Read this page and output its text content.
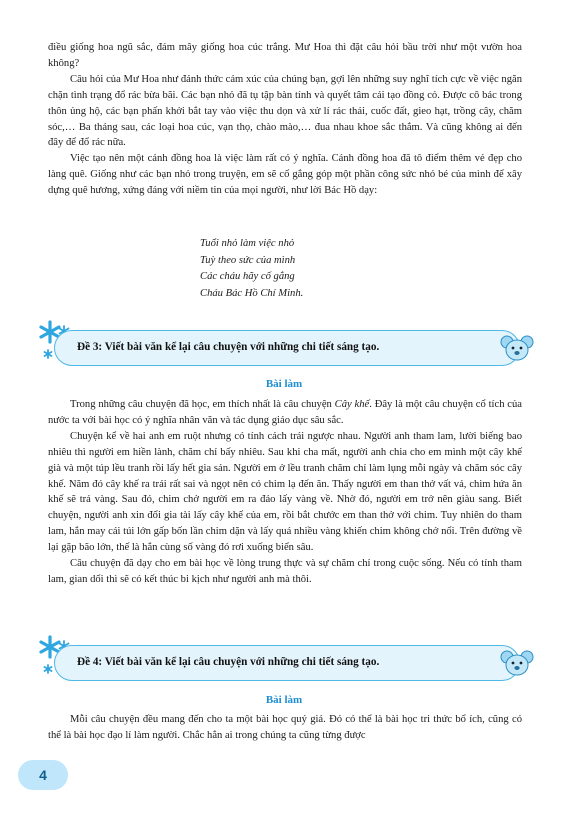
điều giống hoa ngũ sắc, đám mây giống hoa cúc trắng. Mư Hoa thì đặt câu hỏi bầu trời như một vườn hoa không?

Câu hỏi của Mư Hoa như đánh thức cảm xúc của chúng bạn, gợi lên những suy nghĩ tích cực về việc ngăn chặn tình trạng đổ rác bừa bãi. Các bạn nhỏ đã tụ tập bàn tính và quyết tâm cải tạo đồng cỏ. Được cô bác trong thôn ủng hộ, các bạn phấn khởi bắt tay vào việc thu dọn và xử lí rác thải, cuốc đất, gieo hạt, trồng cây, chăm sóc,… Ba tháng sau, các loại hoa cúc, vạn thọ, chào mào,… đua nhau khoe sắc thắm. Và cũng không ai đến đây để đổ rác nữa.

Việc tạo nên một cánh đồng hoa là việc làm rất có ý nghĩa. Cánh đồng hoa đã tô điểm thêm vẻ đẹp cho làng quê. Giống như các bạn nhỏ trong truyện, em sẽ cố gắng góp một phần công sức nhỏ bé của mình để xây dựng quê hương, xứng đáng với niềm tin của mọi người, như lời Bác Hồ dạy:

Tuổi nhỏ làm việc nhỏ
Tuỳ theo sức của mình
Các cháu hãy cố gắng
Cháu Bác Hồ Chí Minh.
Đề 3: Viết bài văn kể lại câu chuyện với những chi tiết sáng tạo.
Bài làm

Trong những câu chuyện đã học, em thích nhất là câu chuyện Cây khế. Đây là một câu chuyện cổ tích của nước ta với bài học có ý nghĩa nhân văn và tác dụng giáo dục sâu sắc.

Chuyện kể về hai anh em ruột nhưng có tính cách trái ngược nhau. Người anh tham lam, lười biếng bao nhiêu thì người em hiền lành, chăm chỉ bấy nhiêu. Sau khi cha mất, người anh chia cho em mình một cây khế già và một túp lều tranh rồi lấy hết gia sản. Người em ở lều tranh chăm chỉ làm lụng mỗi ngày và chăm sóc cây khế. Năm đó cây khế ra trái rất sai và ngọt nên có chim lạ đến ăn. Thấy người em than thở vất vả, chim hứa ăn khế sẽ trả vàng. Sau đó, chim chở người em ra đảo lấy vàng về. Nhờ đó, người em trở nên giàu sang. Biết chuyện, người anh xin đổi gia tài lấy cây khế của em, rồi bắt chước em than thở với chim. Tuy nhiên do tham lam, hắn may cái túi lớn gấp bốn lần chim dặn và lấy quá nhiều vàng khiến chim không chở nổi. Trên đường về lại gặp bão lớn, thế là hắn cùng số vàng đó rơi xuống biển sâu.

Câu chuyện đã dạy cho em bài học về lòng trung thực và sự chăm chỉ trong cuộc sống. Nếu có tính tham lam, gian dối thì sẽ có kết thúc bi kịch như người anh mà thôi.

Đề 4: Viết bài văn kể lại câu chuyện với những chi tiết sáng tạo.
Bài làm

Mỗi câu chuyện đều mang đến cho ta một bài học quý giá. Đó có thể là bài học tri thức bổ ích, cũng có thể là bài học đạo lí làm người. Chắc hẳn ai trong chúng ta cũng từng được

4
